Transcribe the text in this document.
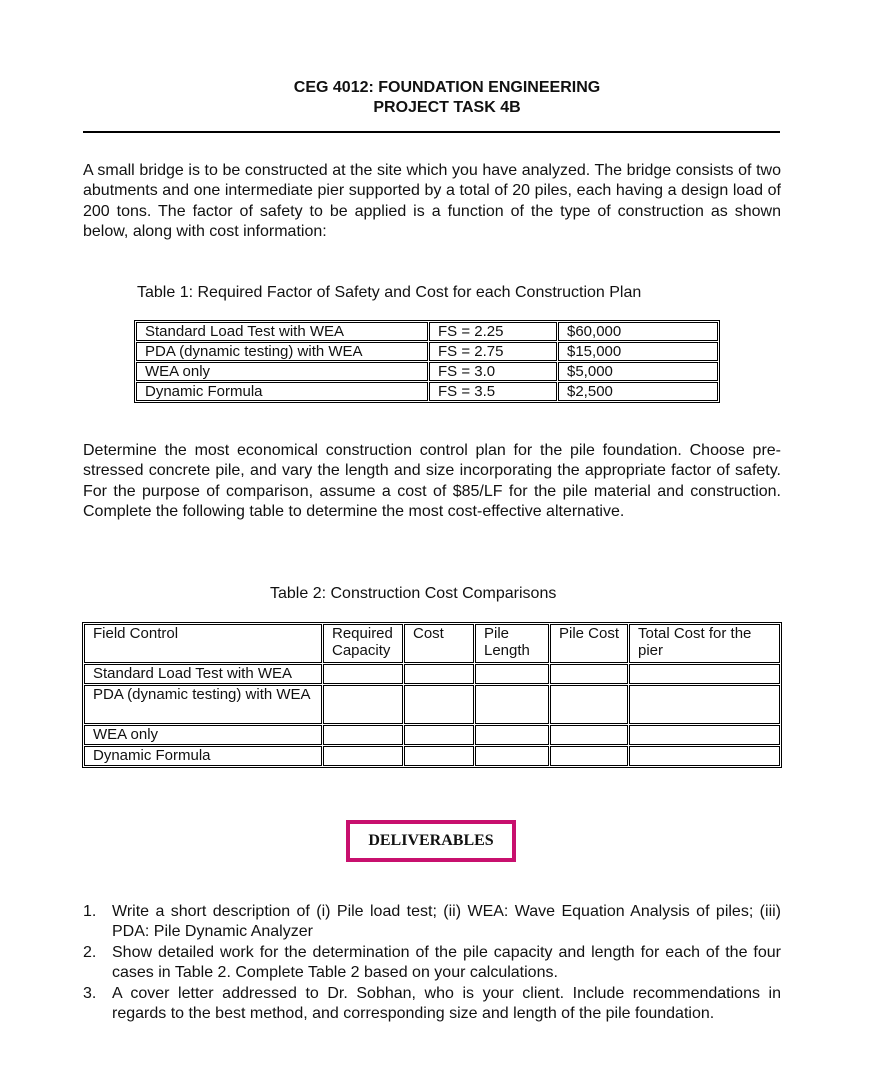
CEG 4012: FOUNDATION ENGINEERING
PROJECT TASK 4B
A small bridge is to be constructed at the site which you have analyzed. The bridge consists of two abutments and one intermediate pier supported by a total of 20 piles, each having a design load of 200 tons. The factor of safety to be applied is a function of the type of construction as shown below, along with cost information:
Table 1: Required Factor of Safety and Cost for each Construction Plan
Standard Load Test with WEA	FS = 2.25	$60,000
PDA (dynamic testing) with WEA	FS = 2.75	$15,000
WEA only	FS = 3.0	$5,000
Dynamic Formula	FS = 3.5	$2,500
Determine the most economical construction control plan for the pile foundation. Choose pre-stressed concrete pile, and vary the length and size incorporating the appropriate factor of safety. For the purpose of comparison, assume a cost of $85/LF for the pile material and construction. Complete the following table to determine the most cost-effective alternative.
Table 2: Construction Cost Comparisons
Field Control	Required Capacity	Cost	Pile Length	Pile Cost	Total Cost for the pier
Standard Load Test with WEA					
PDA (dynamic testing) with WEA					
WEA only					
Dynamic Formula					
DELIVERABLES
1. Write a short description of (i) Pile load test; (ii) WEA: Wave Equation Analysis of piles; (iii) PDA: Pile Dynamic Analyzer
2. Show detailed work for the determination of the pile capacity and length for each of the four cases in Table 2. Complete Table 2 based on your calculations.
3. A cover letter addressed to Dr. Sobhan, who is your client. Include recommendations in regards to the best method, and corresponding size and length of the pile foundation.
